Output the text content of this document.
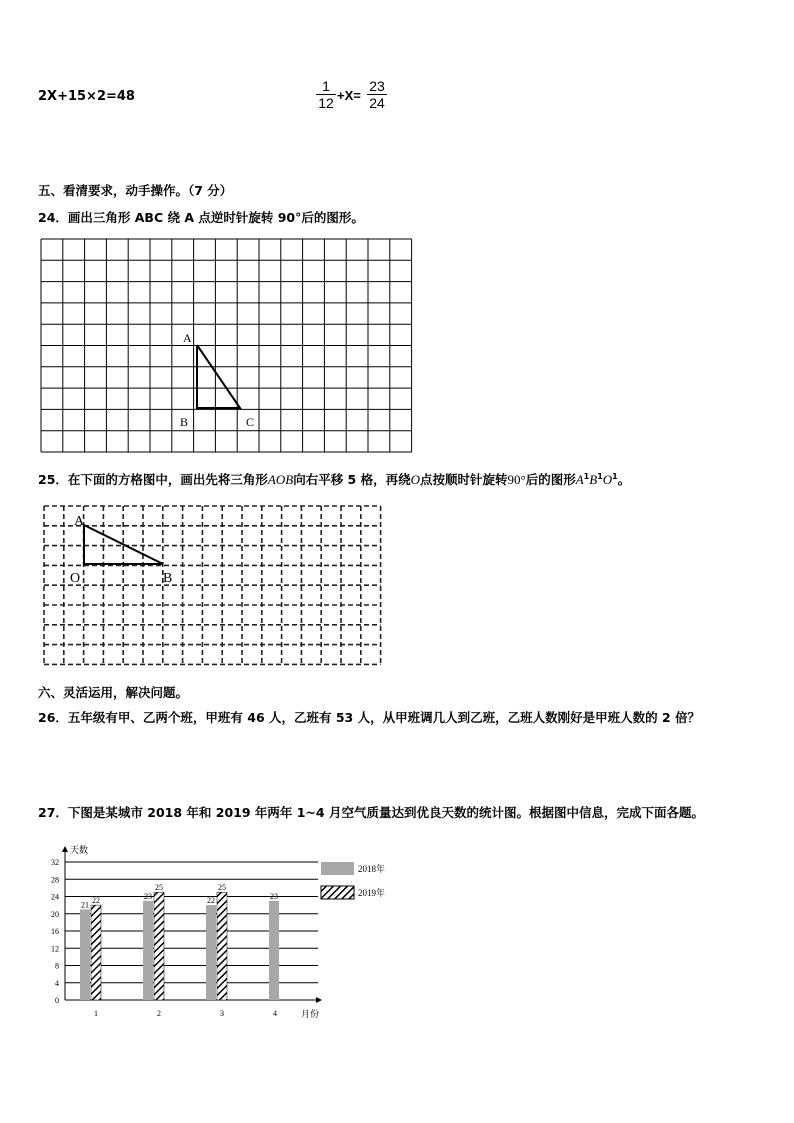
2X+15×2=48
1
12 +X=
23
24
五、看清要求，动手操作。（7 分）
24．画出三角形 ABC 绕 A 点逆时针旋转 90°后的图形。
A
B	C
25．在下面的方格图中，画出先将三角形AOB向右平移 5 格，再绕O点按顺时针旋转90°后的图形$A^1B^1O^1$。
A
O	B
六、灵活运用，解决问题。
26．五年级有甲、乙两个班，甲班有 46 人，乙班有 53 人，从甲班调几人到乙班，乙班人数刚好是甲班人数的 2 倍？
27．下图是某城市 2018 年和 2019 年两年 1~4 月空气质量达到优良天数的统计图。根据图中信息，完成下面各题。
0
4
8
12
16
20
24
28
32
天数
月份
21 22
1
23
25
2
22
25
3
23
4
2018年
2019年
